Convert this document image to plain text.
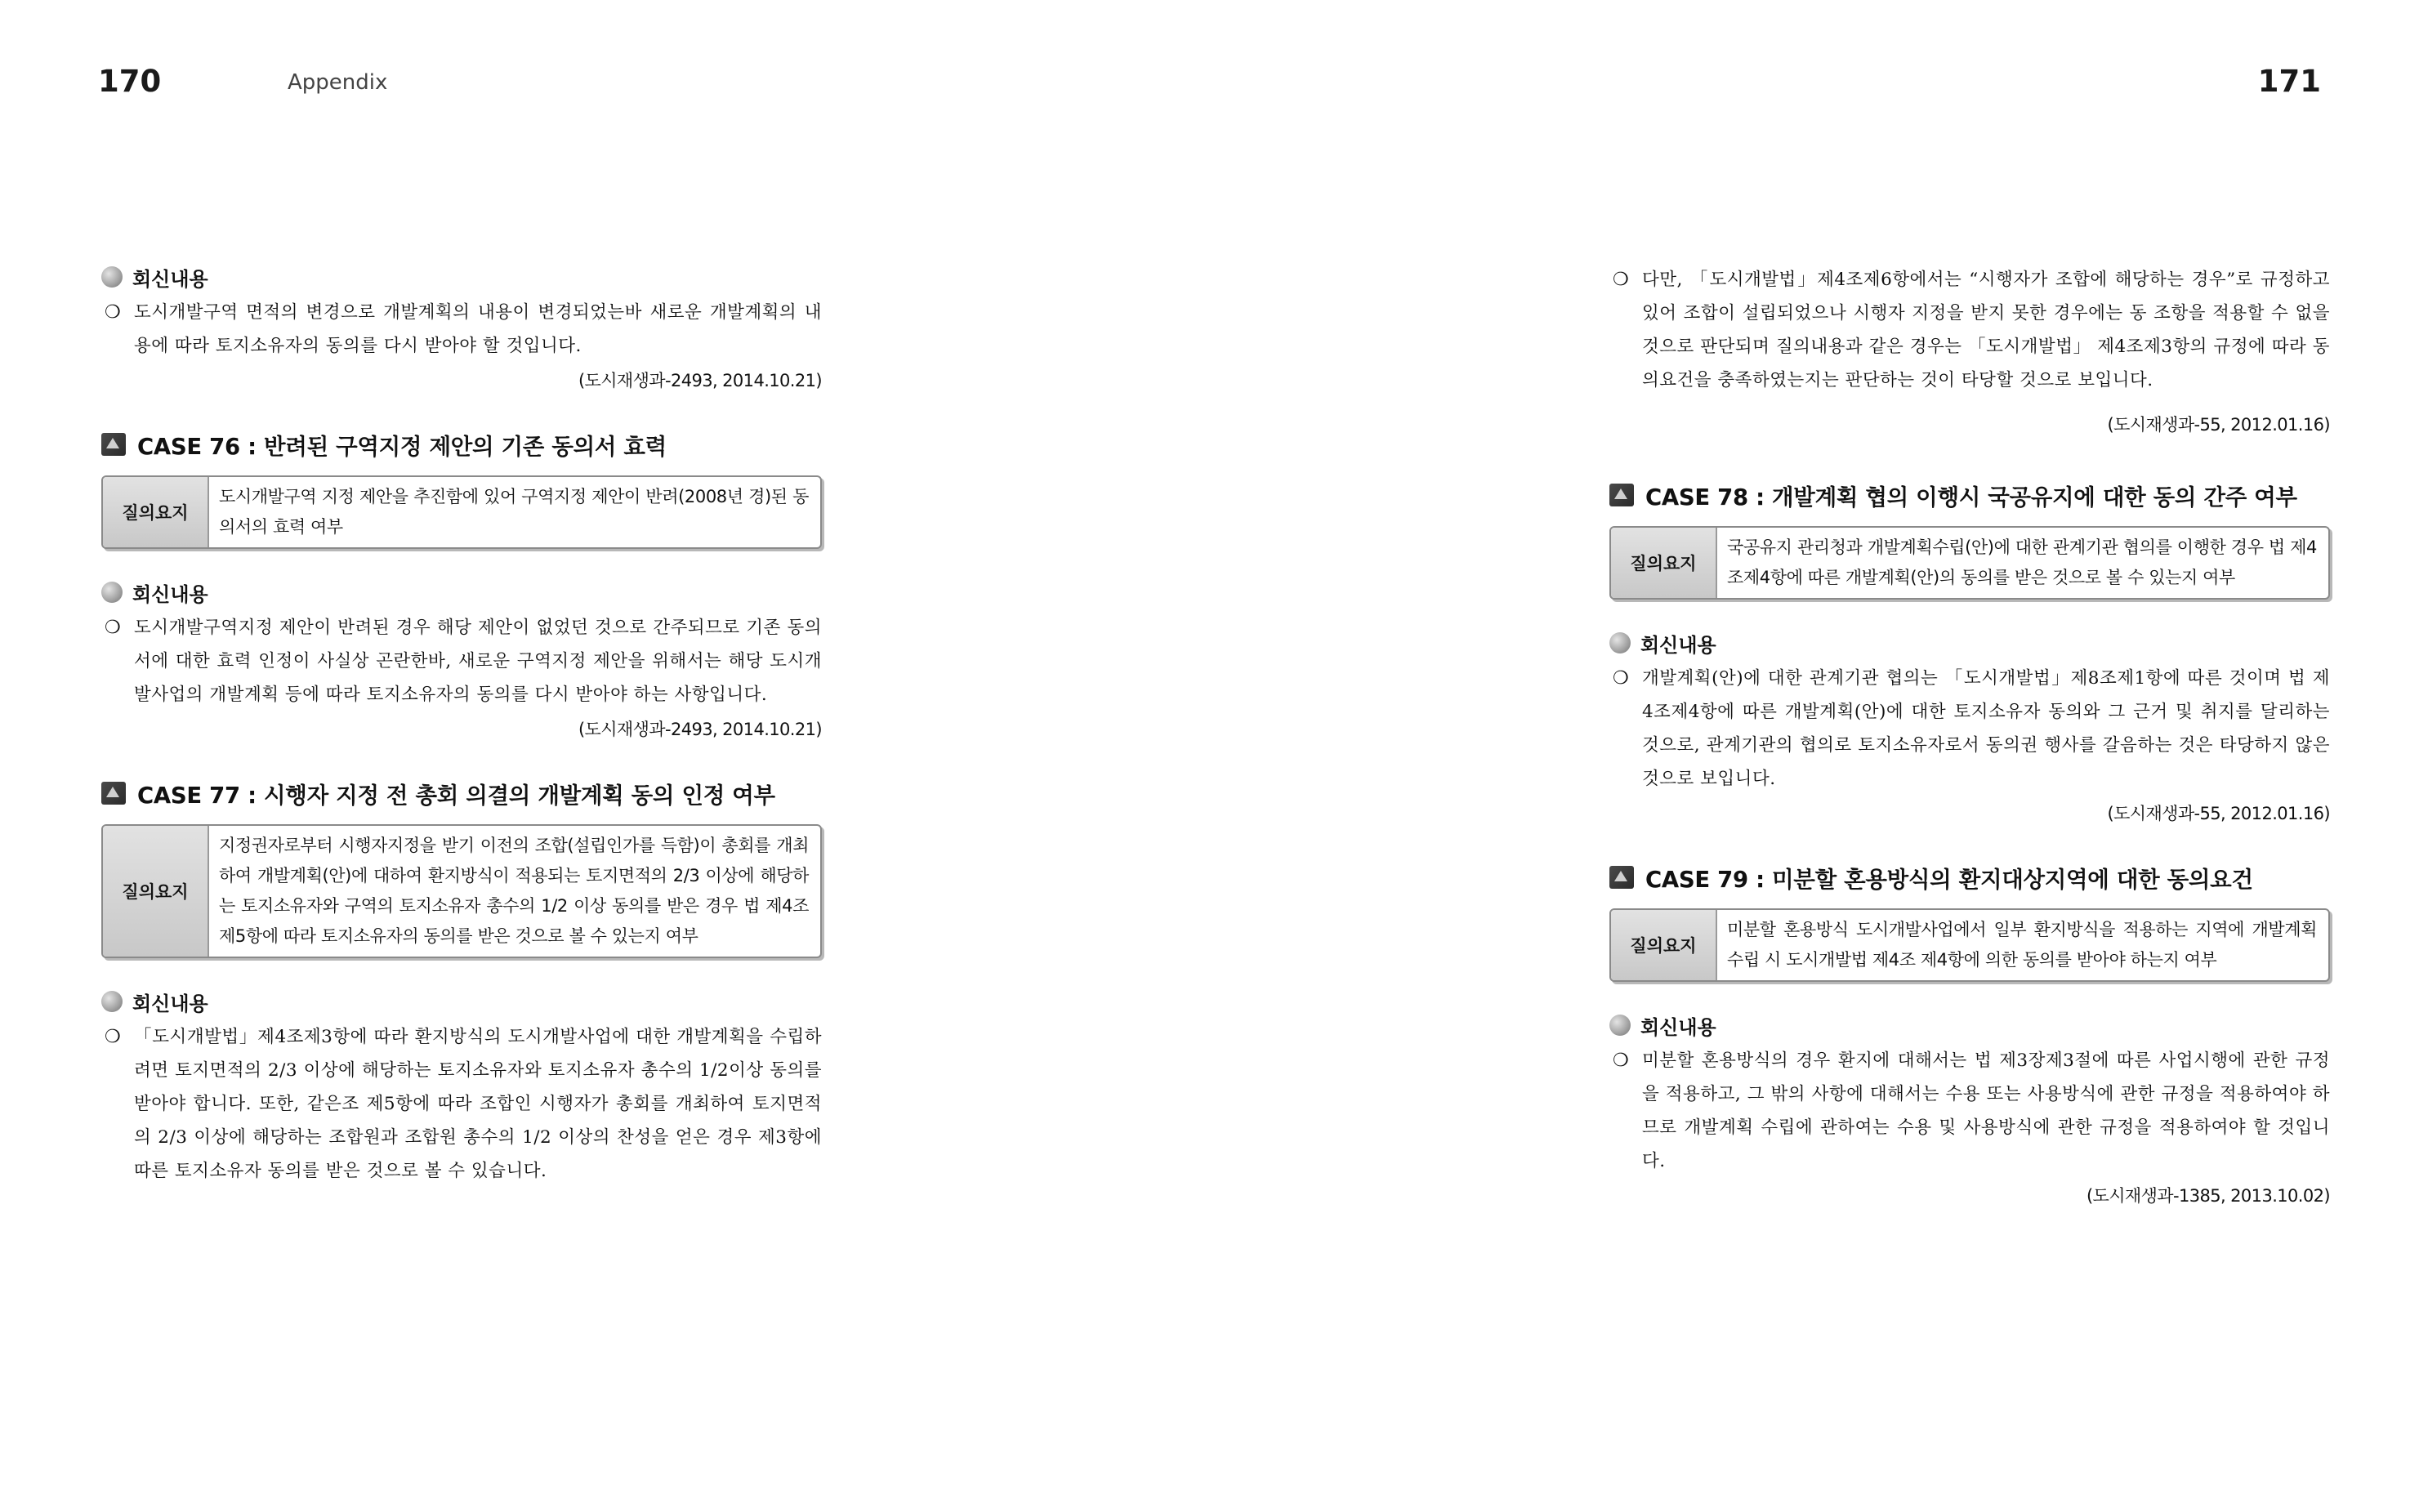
170	Appendix
회신내용
❍ 도시개발구역 면적의 변경으로 개발계획의 내용이 변경되었는바 새로운 개발계획의 내용에 따라 토지소유자의 동의를 다시 받아야 할 것입니다.
(도시재생과-2493, 2014.10.21)
CASE 76 : 반려된 구역지정 제안의 기존 동의서 효력
질의요지
도시개발구역 지정 제안을 추진함에 있어 구역지정 제안이 반려(2008년 경)된 동의서의 효력 여부
회신내용
❍ 도시개발구역지정 제안이 반려된 경우 해당 제안이 없었던 것으로 간주되므로 기존 동의서에 대한 효력 인정이 사실상 곤란한바, 새로운 구역지정 제안을 위해서는 해당 도시개발사업의 개발계획 등에 따라 토지소유자의 동의를 다시 받아야 하는 사항입니다.
(도시재생과-2493, 2014.10.21)
CASE 77 : 시행자 지정 전 총회 의결의 개발계획 동의 인정 여부
질의요지
지정권자로부터 시행자지정을 받기 이전의 조합(설립인가를 득함)이 총회를 개최하여 개발계획(안)에 대하여 환지방식이 적용되는 토지면적의 2/3 이상에 해당하는 토지소유자와 구역의 토지소유자 총수의 1/2 이상 동의를 받은 경우 법 제4조제5항에 따라 토지소유자의 동의를 받은 것으로 볼 수 있는지 여부
회신내용
❍ 「도시개발법」제4조제3항에 따라 환지방식의 도시개발사업에 대한 개발계획을 수립하려면 토지면적의 2/3 이상에 해당하는 토지소유자와 토지소유자 총수의 1/2이상 동의를 받아야 합니다. 또한, 같은조 제5항에 따라 조합인 시행자가 총회를 개최하여 토지면적의 2/3 이상에 해당하는 조합원과 조합원 총수의 1/2 이상의 찬성을 얻은 경우 제3항에 따른 토지소유자 동의를 받은 것으로 볼 수 있습니다.
171
❍ 다만, 「도시개발법」제4조제6항에서는 “시행자가 조합에 해당하는 경우”로 규정하고 있어 조합이 설립되었으나 시행자 지정을 받지 못한 경우에는 동 조항을 적용할 수 없을 것으로 판단되며 질의내용과 같은 경우는 「도시개발법」 제4조제3항의 규정에 따라 동의요건을 충족하였는지는 판단하는 것이 타당할 것으로 보입니다.
(도시재생과-55, 2012.01.16)
CASE 78 : 개발계획 협의 이행시 국공유지에 대한 동의 간주 여부
질의요지
국공유지 관리청과 개발계획수립(안)에 대한 관계기관 협의를 이행한 경우 법 제4조제4항에 따른 개발계획(안)의 동의를 받은 것으로 볼 수 있는지 여부
회신내용
❍ 개발계획(안)에 대한 관계기관 협의는 「도시개발법」제8조제1항에 따른 것이며 법 제4조제4항에 따른 개발계획(안)에 대한 토지소유자 동의와 그 근거 및 취지를 달리하는 것으로, 관계기관의 협의로 토지소유자로서 동의권 행사를 갈음하는 것은 타당하지 않은 것으로 보입니다.
(도시재생과-55, 2012.01.16)
CASE 79 : 미분할 혼용방식의 환지대상지역에 대한 동의요건
질의요지
미분할 혼용방식 도시개발사업에서 일부 환지방식을 적용하는 지역에 개발계획 수립 시 도시개발법 제4조 제4항에 의한 동의를 받아야 하는지 여부
회신내용
❍ 미분할 혼용방식의 경우 환지에 대해서는 법 제3장제3절에 따른 사업시행에 관한 규정을 적용하고, 그 밖의 사항에 대해서는 수용 또는 사용방식에 관한 규정을 적용하여야 하므로 개발계획 수립에 관하여는 수용 및 사용방식에 관한 규정을 적용하여야 할 것입니다.
(도시재생과-1385, 2013.10.02)
